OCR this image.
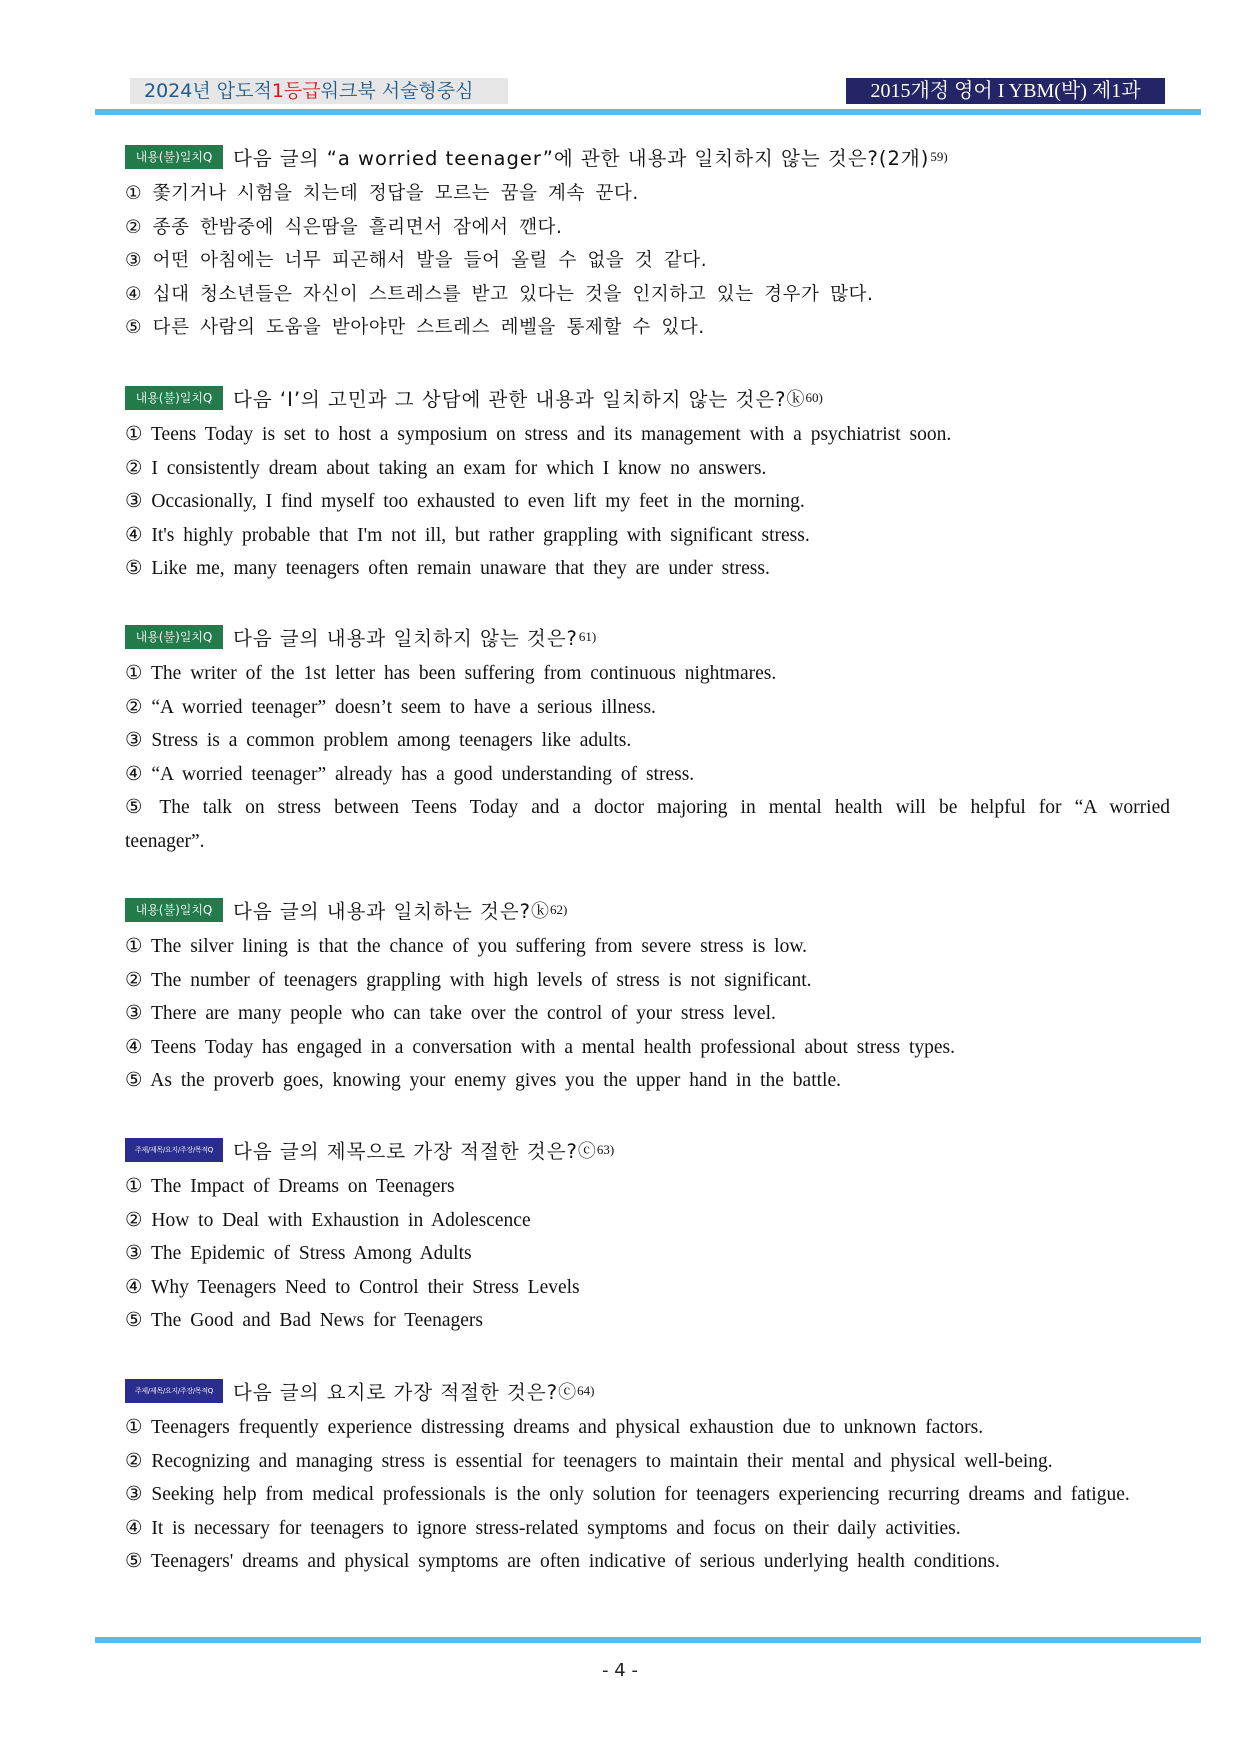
2024년 압도적1등급워크북 서술형중심	2015개정 영어 I YBM(박) 제1과
내용(불)일치Q	다음 글의 “a worried teenager”에 관한 내용과 일치하지 않는 것은?(2개) 59)
① 쫓기거나 시험을 치는데 정답을 모르는 꿈을 계속 꾼다.
② 종종 한밤중에 식은땀을 흘리면서 잠에서 깬다.
③ 어떤 아침에는 너무 피곤해서 발을 들어 올릴 수 없을 것 같다.
④ 십대 청소년들은 자신이 스트레스를 받고 있다는 것을 인지하고 있는 경우가 많다.
⑤ 다른 사람의 도움을 받아야만 스트레스 레벨을 통제할 수 있다.
내용(불)일치Q	다음 ‘I’의 고민과 그 상담에 관한 내용과 일치하지 않는 것은? ⓚ 60)
① Teens Today is set to host a symposium on stress and its management with a psychiatrist soon.
② I consistently dream about taking an exam for which I know no answers.
③ Occasionally, I find myself too exhausted to even lift my feet in the morning.
④ It's highly probable that I'm not ill, but rather grappling with significant stress.
⑤ Like me, many teenagers often remain unaware that they are under stress.
내용(불)일치Q	다음 글의 내용과 일치하지 않는 것은? 61)
① The writer of the 1st letter has been suffering from continuous nightmares.
② “A worried teenager” doesn’t seem to have a serious illness.
③ Stress is a common problem among teenagers like adults.
④ “A worried teenager” already has a good understanding of stress.
⑤ The talk on stress between Teens Today and a doctor majoring in mental health will be helpful for “A worried teenager”.
내용(불)일치Q	다음 글의 내용과 일치하는 것은? ⓚ 62)
① The silver lining is that the chance of you suffering from severe stress is low.
② The number of teenagers grappling with high levels of stress is not significant.
③ There are many people who can take over the control of your stress level.
④ Teens Today has engaged in a conversation with a mental health professional about stress types.
⑤ As the proverb goes, knowing your enemy gives you the upper hand in the battle.
주제/제목/요지/주장/목적Q	다음 글의 제목으로 가장 적절한 것은? ⓒ 63)
① The Impact of Dreams on Teenagers
② How to Deal with Exhaustion in Adolescence
③ The Epidemic of Stress Among Adults
④ Why Teenagers Need to Control their Stress Levels
⑤ The Good and Bad News for Teenagers
주제/제목/요지/주장/목적Q	다음 글의 요지로 가장 적절한 것은? ⓒ 64)
① Teenagers frequently experience distressing dreams and physical exhaustion due to unknown factors.
② Recognizing and managing stress is essential for teenagers to maintain their mental and physical well-being.
③ Seeking help from medical professionals is the only solution for teenagers experiencing recurring dreams and fatigue.
④ It is necessary for teenagers to ignore stress-related symptoms and focus on their daily activities.
⑤ Teenagers' dreams and physical symptoms are often indicative of serious underlying health conditions.
- 4 -
